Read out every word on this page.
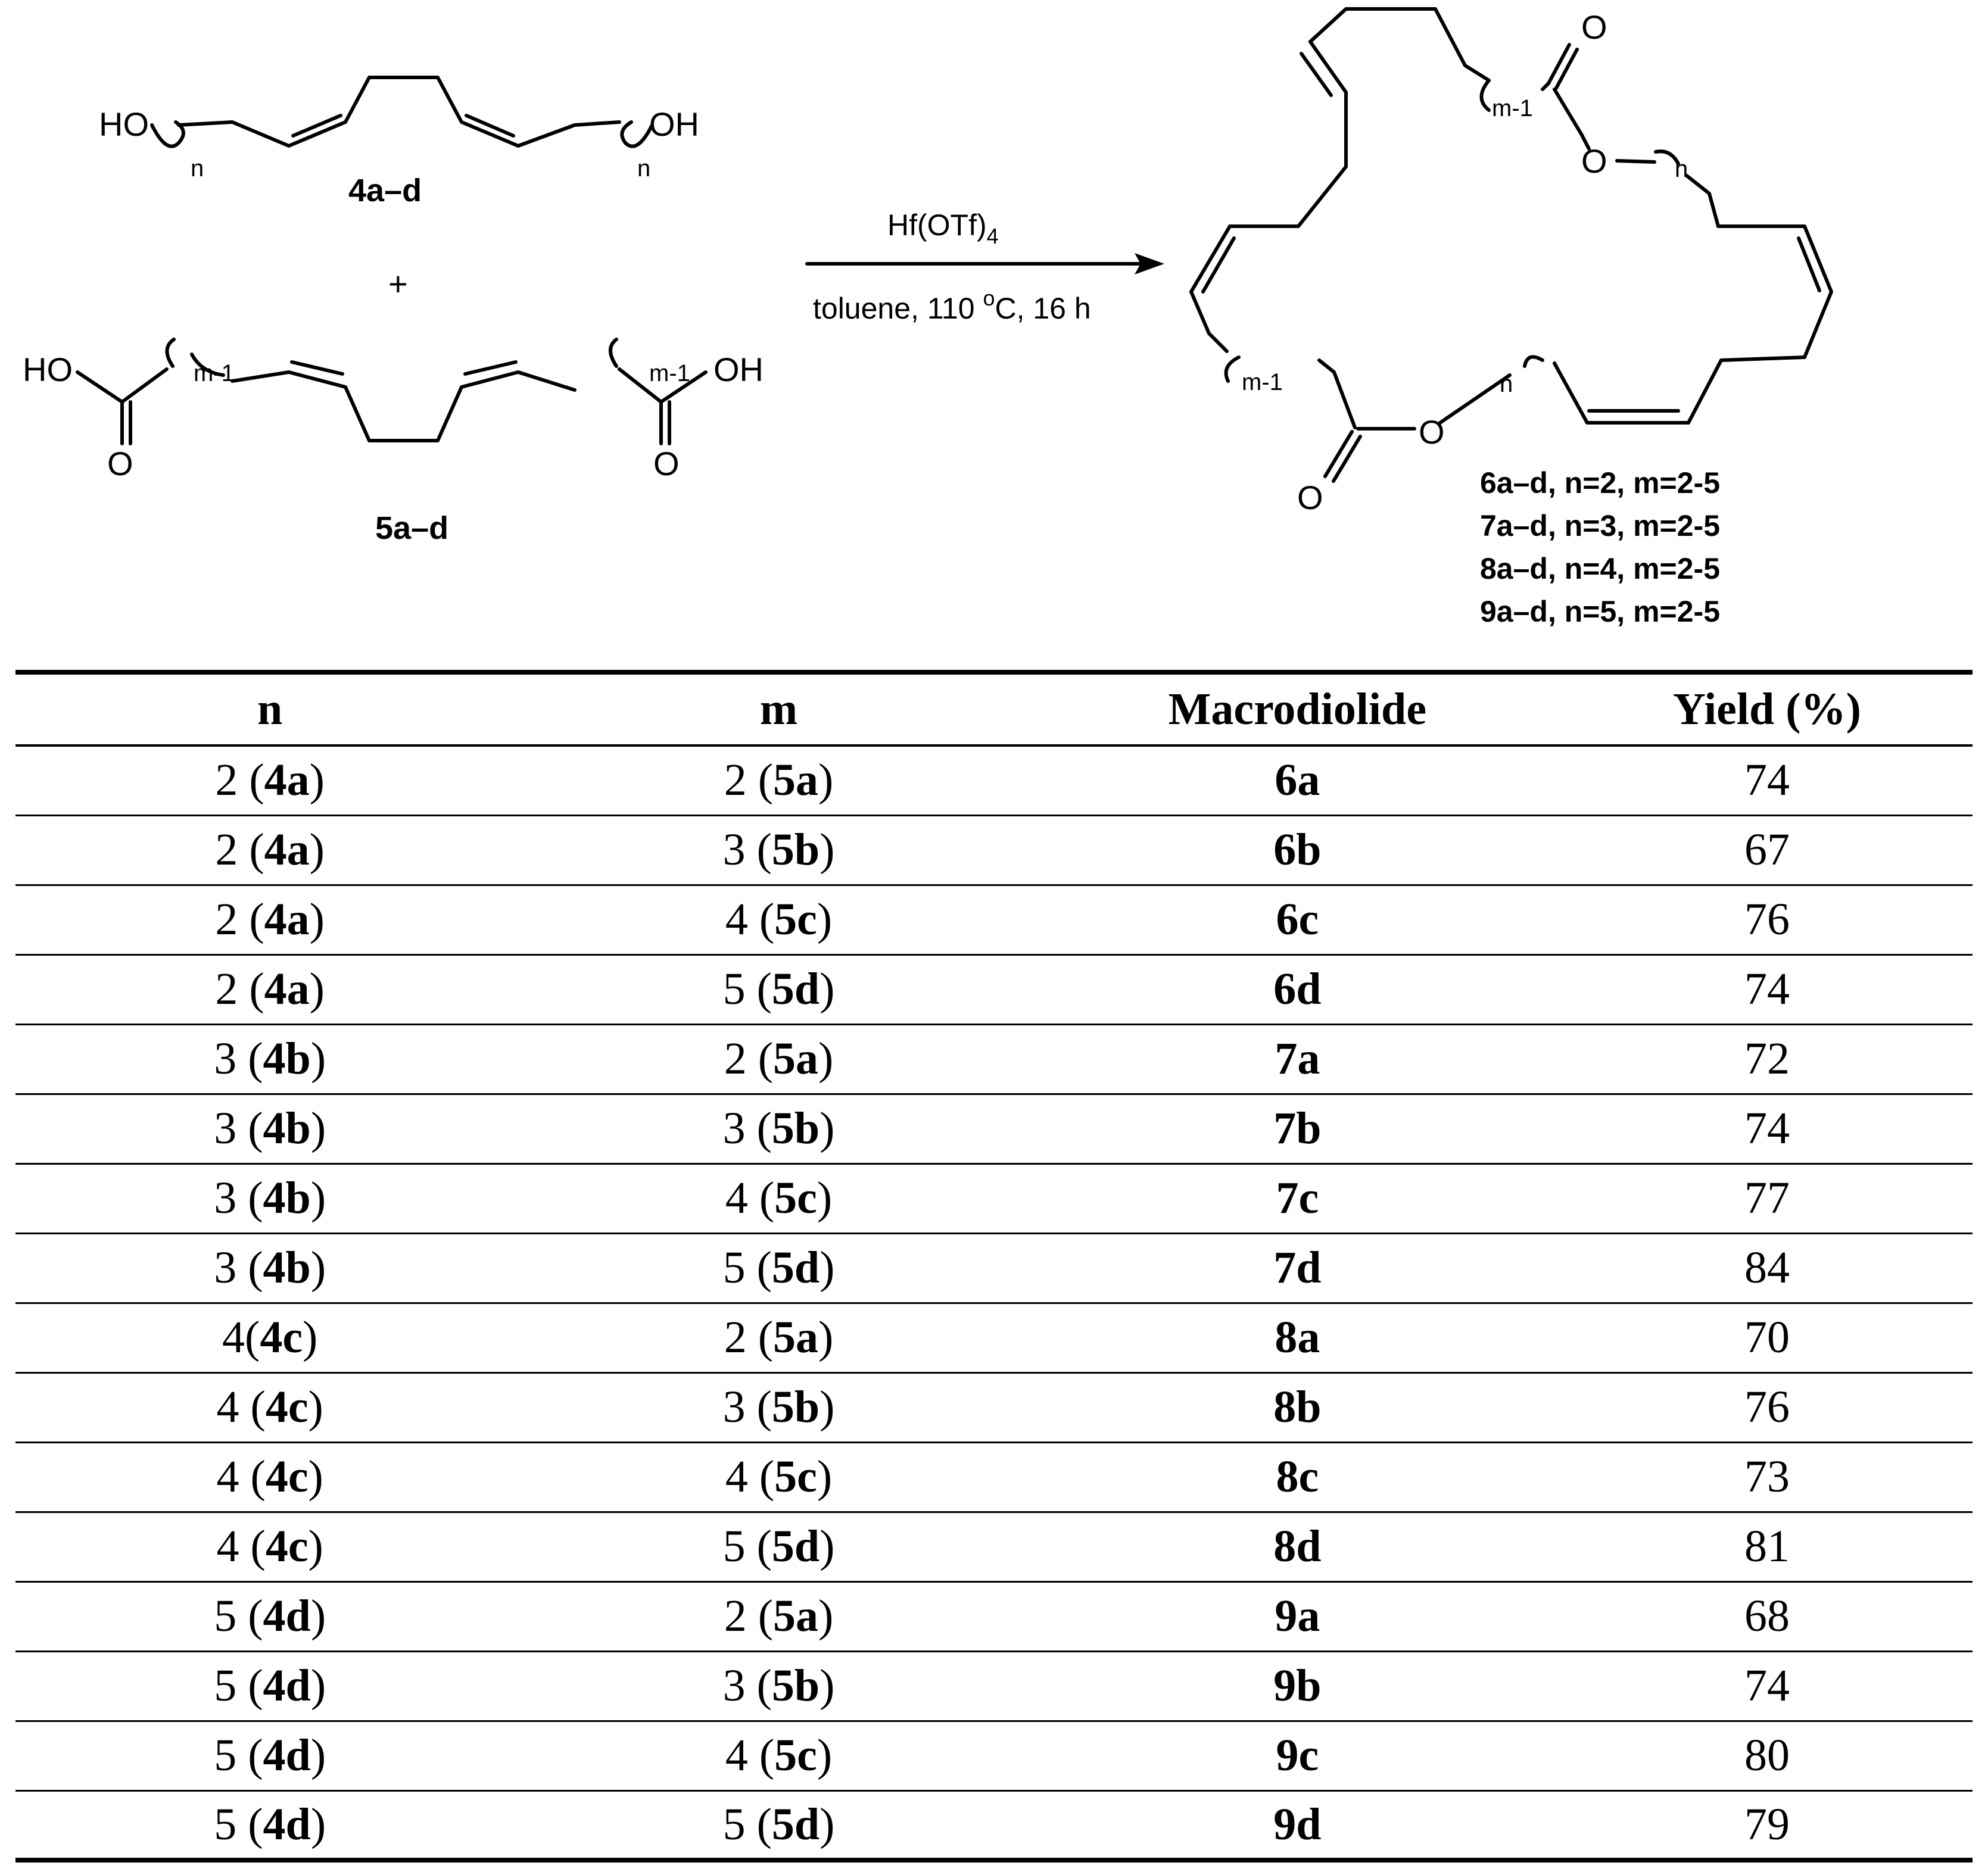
HO
n	n
OH
4a–d
+
HO
O
m-1	m-1
O
OH
5a–d
$Hf(OTf)_4$
toluene, 110 $^o$C, 16 h
O
O	n
n
O
O
m-1
m-1
6a–d, n=2, m=2-5
7a–d, n=3, m=2-5
8a–d, n=4, m=2-5
9a–d, n=5, m=2-5
n	m	Macrodiolide	Yield (%)
2 (4a)	2 (5a)	6a	74
2 (4a)	3 (5b)	6b	67
2 (4a)	4 (5c)	6c	76
2 (4a)	5 (5d)	6d	74
3 (4b)	2 (5a)	7a	72
3 (4b)	3 (5b)	7b	74
3 (4b)	4 (5c)	7c	77
3 (4b)	5 (5d)	7d	84
4(4c)	2 (5a)	8a	70
4 (4c)	3 (5b)	8b	76
4 (4c)	4 (5c)	8c	73
4 (4c)	5 (5d)	8d	81
5 (4d)	2 (5a)	9a	68
5 (4d)	3 (5b)	9b	74
5 (4d)	4 (5c)	9c	80
5 (4d)	5 (5d)	9d	79
